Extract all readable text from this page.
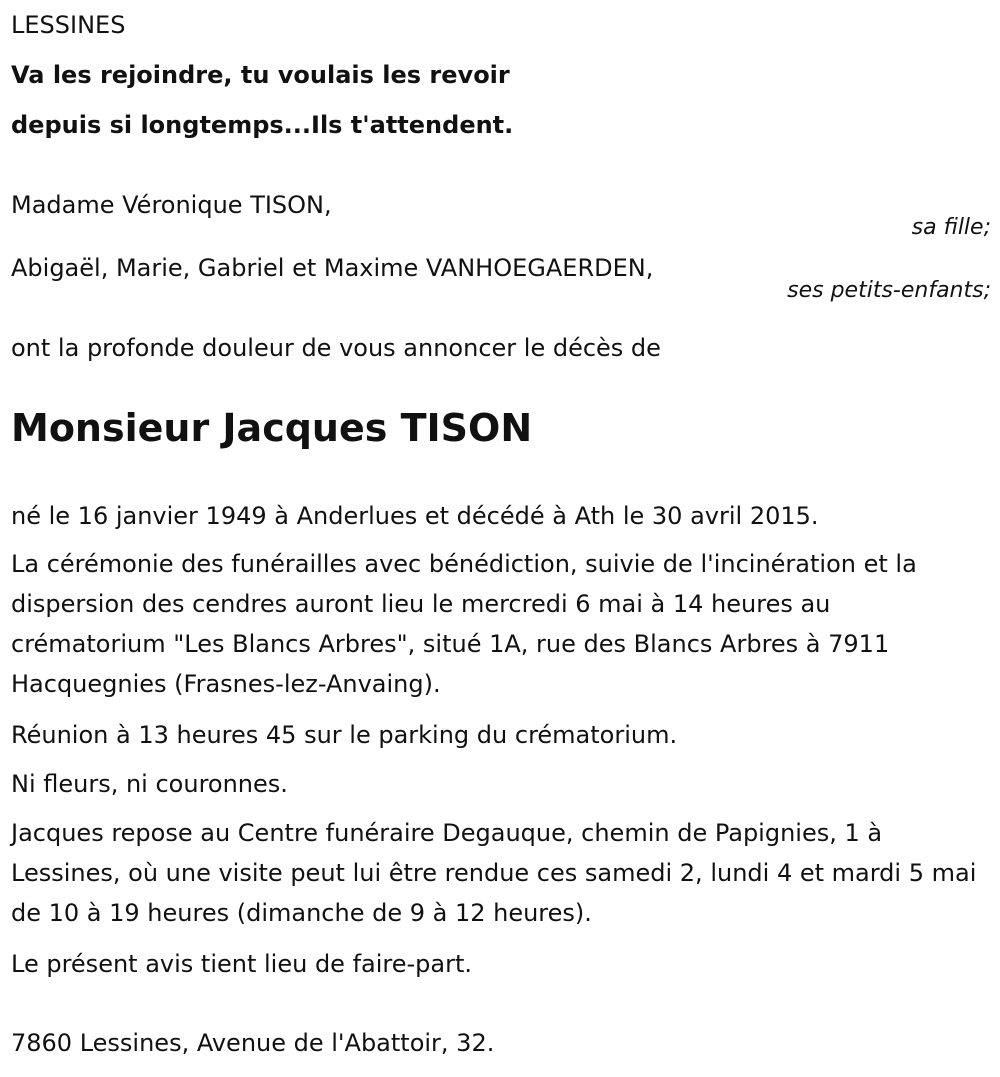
LESSINES
Va les rejoindre, tu voulais les revoir
depuis si longtemps...Ils t'attendent.
Madame Véronique TISON,
sa fille;
Abigaël, Marie, Gabriel et Maxime VANHOEGAERDEN,
ses petits-enfants;
ont la profonde douleur de vous annoncer le décès de
Monsieur Jacques TISON
né le 16 janvier 1949 à Anderlues et décédé à Ath le 30 avril 2015.
La cérémonie des funérailles avec bénédiction, suivie de l'incinération et la dispersion des cendres auront lieu le mercredi 6 mai à 14 heures au crématorium "Les Blancs Arbres", situé 1A, rue des Blancs Arbres à 7911 Hacquegnies (Frasnes-lez-Anvaing).
Réunion à 13 heures 45 sur le parking du crématorium.
Ni fleurs, ni couronnes.
Jacques repose au Centre funéraire Degauque, chemin de Papignies, 1 à Lessines, où une visite peut lui être rendue ces samedi 2, lundi 4 et mardi 5 mai de 10 à 19 heures (dimanche de 9 à 12 heures).
Le présent avis tient lieu de faire-part.
7860 Lessines, Avenue de l'Abattoir, 32.
